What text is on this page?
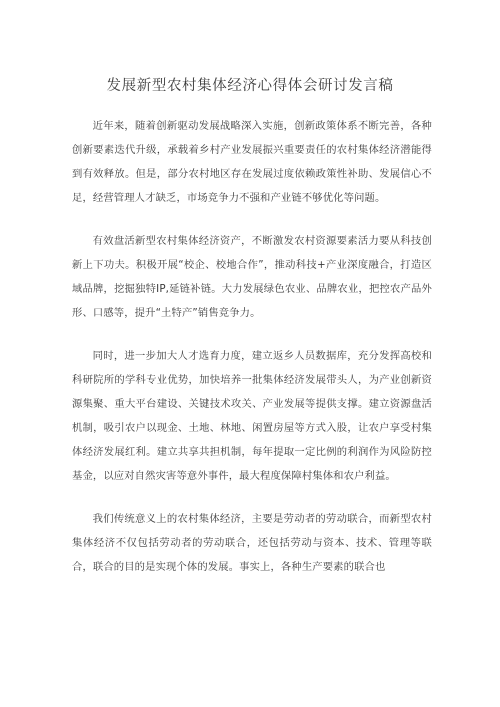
发展新型农村集体经济心得体会研讨发言稿

近年来，随着创新驱动发展战略深入实施，创新政策体系不断完善，各种创新要素迭代升级，承载着乡村产业发展振兴重要责任的农村集体经济潜能得到有效释放。但是，部分农村地区存在发展过度依赖政策性补助、发展信心不足，经营管理人才缺乏，市场竞争力不强和产业链不够优化等问题。

有效盘活新型农村集体经济资产，不断激发农村资源要素活力要从科技创新上下功夫。积极开展“校企、校地合作”，推动科技+产业深度融合，打造区域品牌，挖掘独特IP,延链补链。大力发展绿色农业、品牌农业，把控农产品外形、口感等，提升“土特产”销售竞争力。

同时，进一步加大人才选育力度，建立返乡人员数据库，充分发挥高校和科研院所的学科专业优势，加快培养一批集体经济发展带头人，为产业创新资源集聚、重大平台建设、关键技术攻关、产业发展等提供支撑。建立资源盘活机制，吸引农户以现金、土地、林地、闲置房屋等方式入股，让农户享受村集体经济发展红利。建立共享共担机制，每年提取一定比例的利润作为风险防控基金，以应对自然灾害等意外事件，最大程度保障村集体和农户利益。

我们传统意义上的农村集体经济，主要是劳动者的劳动联合，而新型农村集体经济不仅包括劳动者的劳动联合，还包括劳动与资本、技术、管理等联合，联合的目的是实现个体的发展。事实上，各种生产要素的联合也
